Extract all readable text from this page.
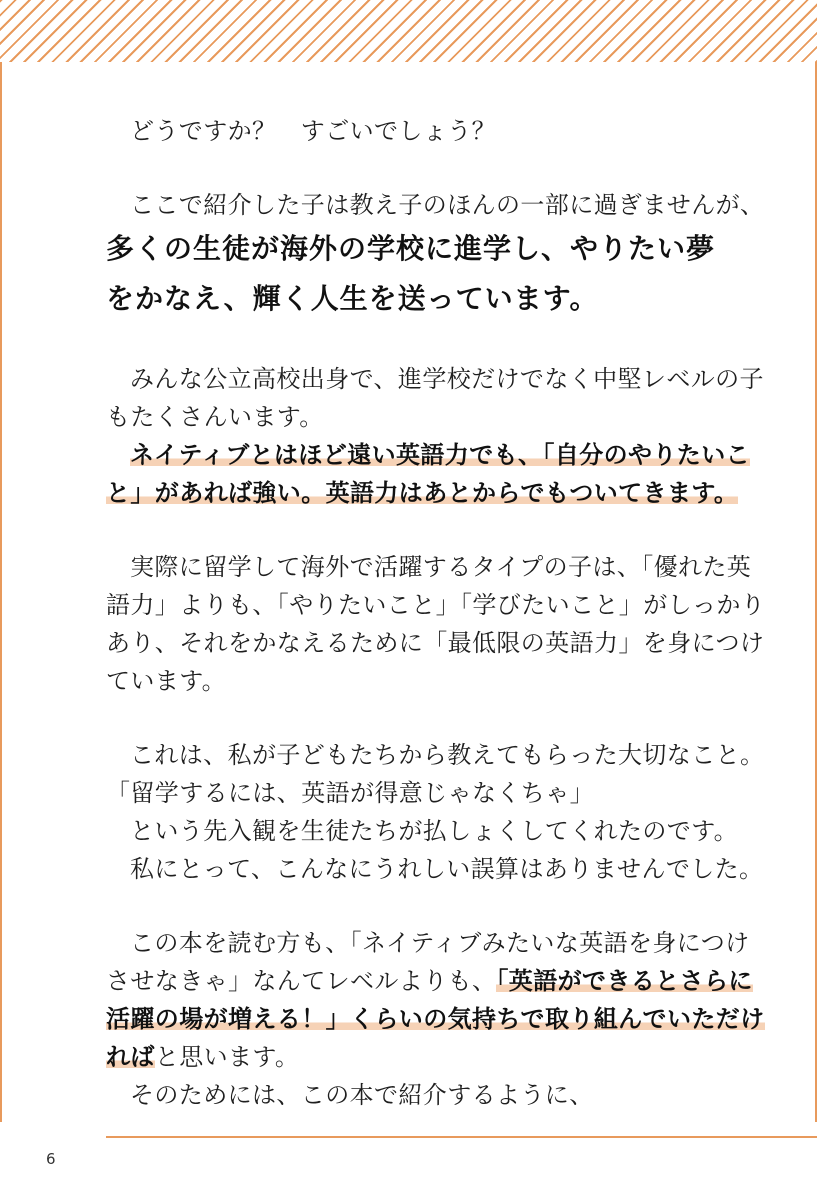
どうですか？　すごいでしょう？
ここで紹介した子は教え子のほんの一部に過ぎませんが、
多くの生徒が海外の学校に進学し、やりたい夢
をかなえ、輝く人生を送っています。
みんな公立高校出身で、進学校だけでなく中堅レベルの子
もたくさんいます。
ネイティブとはほど遠い英語力でも、「自分のやりたいこ
と」があれば強い。英語力はあとからでもついてきます。
実際に留学して海外で活躍するタイプの子は、「優れた英
語力」よりも、「やりたいこと」「学びたいこと」がしっかり
あり、それをかなえるために「最低限の英語力」を身につけ
ています。
これは、私が子どもたちから教えてもらった大切なこと。
「留学するには、英語が得意じゃなくちゃ」
という先入観を生徒たちが払しょくしてくれたのです。
私にとって、こんなにうれしい誤算はありませんでした。
この本を読む方も、「ネイティブみたいな英語を身につけ
させなきゃ」なんてレベルよりも、「英語ができるとさらに
活躍の場が増える！」くらいの気持ちで取り組んでいただけ
ればと思います。
そのためには、この本で紹介するように、
6
